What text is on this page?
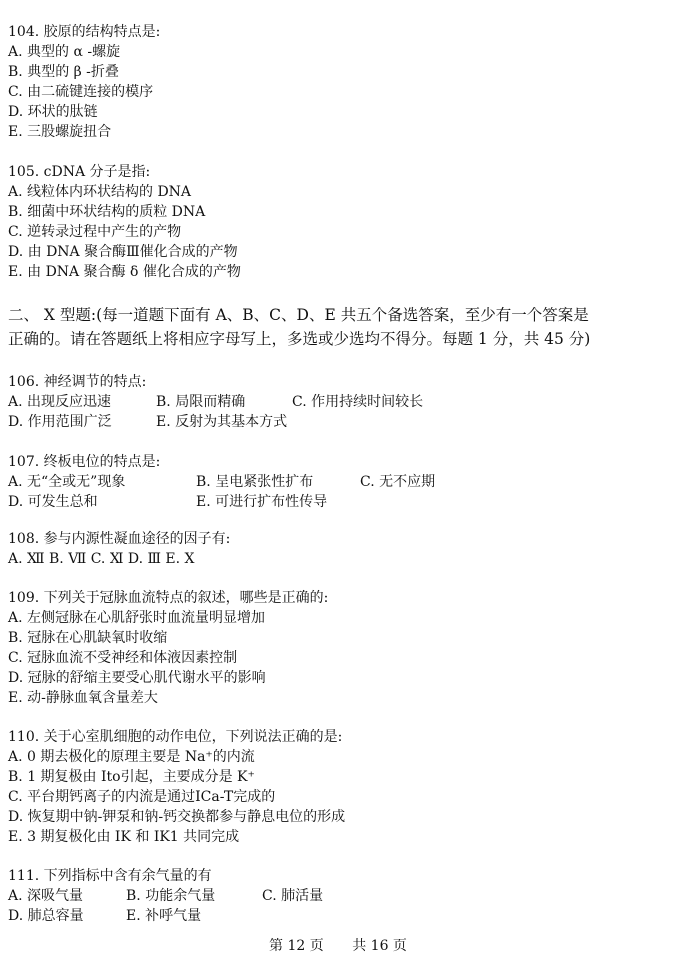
104. 胶原的结构特点是:
A. 典型的 α -螺旋
B. 典型的 β -折叠
C. 由二硫键连接的模序
D. 环状的肽链
E. 三股螺旋扭合
105. cDNA 分子是指:
A. 线粒体内环状结构的 DNA
B. 细菌中环状结构的质粒 DNA
C. 逆转录过程中产生的产物
D. 由 DNA 聚合酶Ⅲ催化合成的产物
E. 由 DNA 聚合酶 δ 催化合成的产物
二、 X 型题:(每一道题下面有 A、B、C、D、E 共五个备选答案，至少有一个答案是
正确的。请在答题纸上将相应字母写上，多选或少选均不得分。每题 1 分，共 45 分)
106. 神经调节的特点:
A. 出现反应迅速	B. 局限而精确	C. 作用持续时间较长
D. 作用范围广泛	E. 反射为其基本方式
107. 终板电位的特点是:
A. 无“全或无”现象	B. 呈电紧张性扩布	C. 无不应期
D. 可发生总和	E. 可进行扩布性传导
108. 参与内源性凝血途径的因子有:
A. Ⅻ B. Ⅶ C. Ⅺ D. Ⅲ E. Ⅹ
109. 下列关于冠脉血流特点的叙述，哪些是正确的:
A. 左侧冠脉在心肌舒张时血流量明显增加
B. 冠脉在心肌缺氧时收缩
C. 冠脉血流不受神经和体液因素控制
D. 冠脉的舒缩主要受心肌代谢水平的影响
E. 动-静脉血氧含量差大
110. 关于心室肌细胞的动作电位，下列说法正确的是:
A. 0 期去极化的原理主要是 Na⁺的内流
B. 1 期复极由 Ito引起，主要成分是 K⁺
C. 平台期钙离子的内流是通过ICa-T完成的
D. 恢复期中钠-钾泵和钠-钙交换都参与静息电位的形成
E. 3 期复极化由 IK 和 IK1 共同完成
111. 下列指标中含有余气量的有
A. 深吸气量	B. 功能余气量	C. 肺活量
D. 肺总容量	E. 补呼气量
第 12 页 共 16 页
